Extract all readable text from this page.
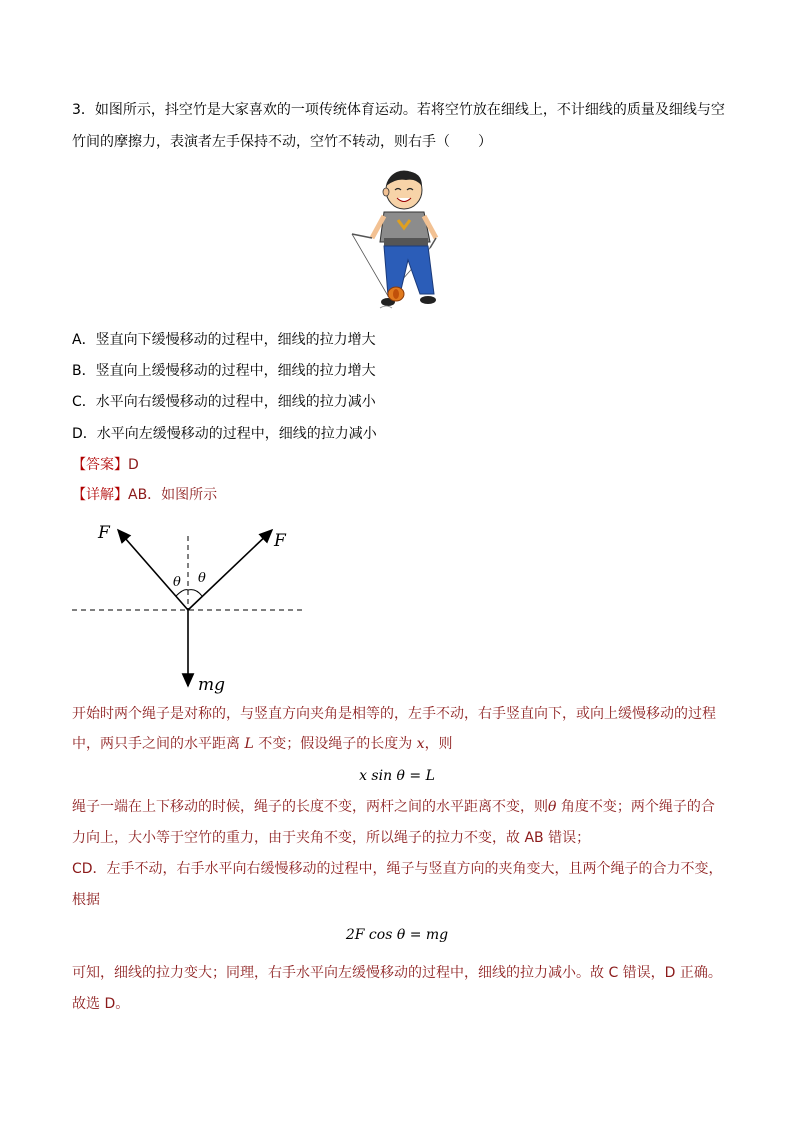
3．如图所示，抖空竹是大家喜欢的一项传统体育运动。若将空竹放在细线上，不计细线的质量及细线与空
竹间的摩擦力，表演者左手保持不动，空竹不转动，则右手（　　）
A．竖直向下缓慢移动的过程中，细线的拉力增大
B．竖直向上缓慢移动的过程中，细线的拉力增大
C．水平向右缓慢移动的过程中，细线的拉力减小
D．水平向左缓慢移动的过程中，细线的拉力减小
【答案】D
【详解】AB．如图所示
F	F
θ θ
mg
开始时两个绳子是对称的，与竖直方向夹角是相等的，左手不动，右手竖直向下，或向上缓慢移动的过程
中，两只手之间的水平距离 L 不变；假设绳子的长度为 x，则
x sin θ = L
绳子一端在上下移动的时候，绳子的长度不变，两杆之间的水平距离不变，则θ 角度不变；两个绳子的合
力向上，大小等于空竹的重力，由于夹角不变，所以绳子的拉力不变，故 AB 错误；
CD．左手不动，右手水平向右缓慢移动的过程中，绳子与竖直方向的夹角变大，且两个绳子的合力不变，
根据
2F cos θ = mg
可知，细线的拉力变大；同理，右手水平向左缓慢移动的过程中，细线的拉力减小。故 C 错误，D 正确。
故选 D。
